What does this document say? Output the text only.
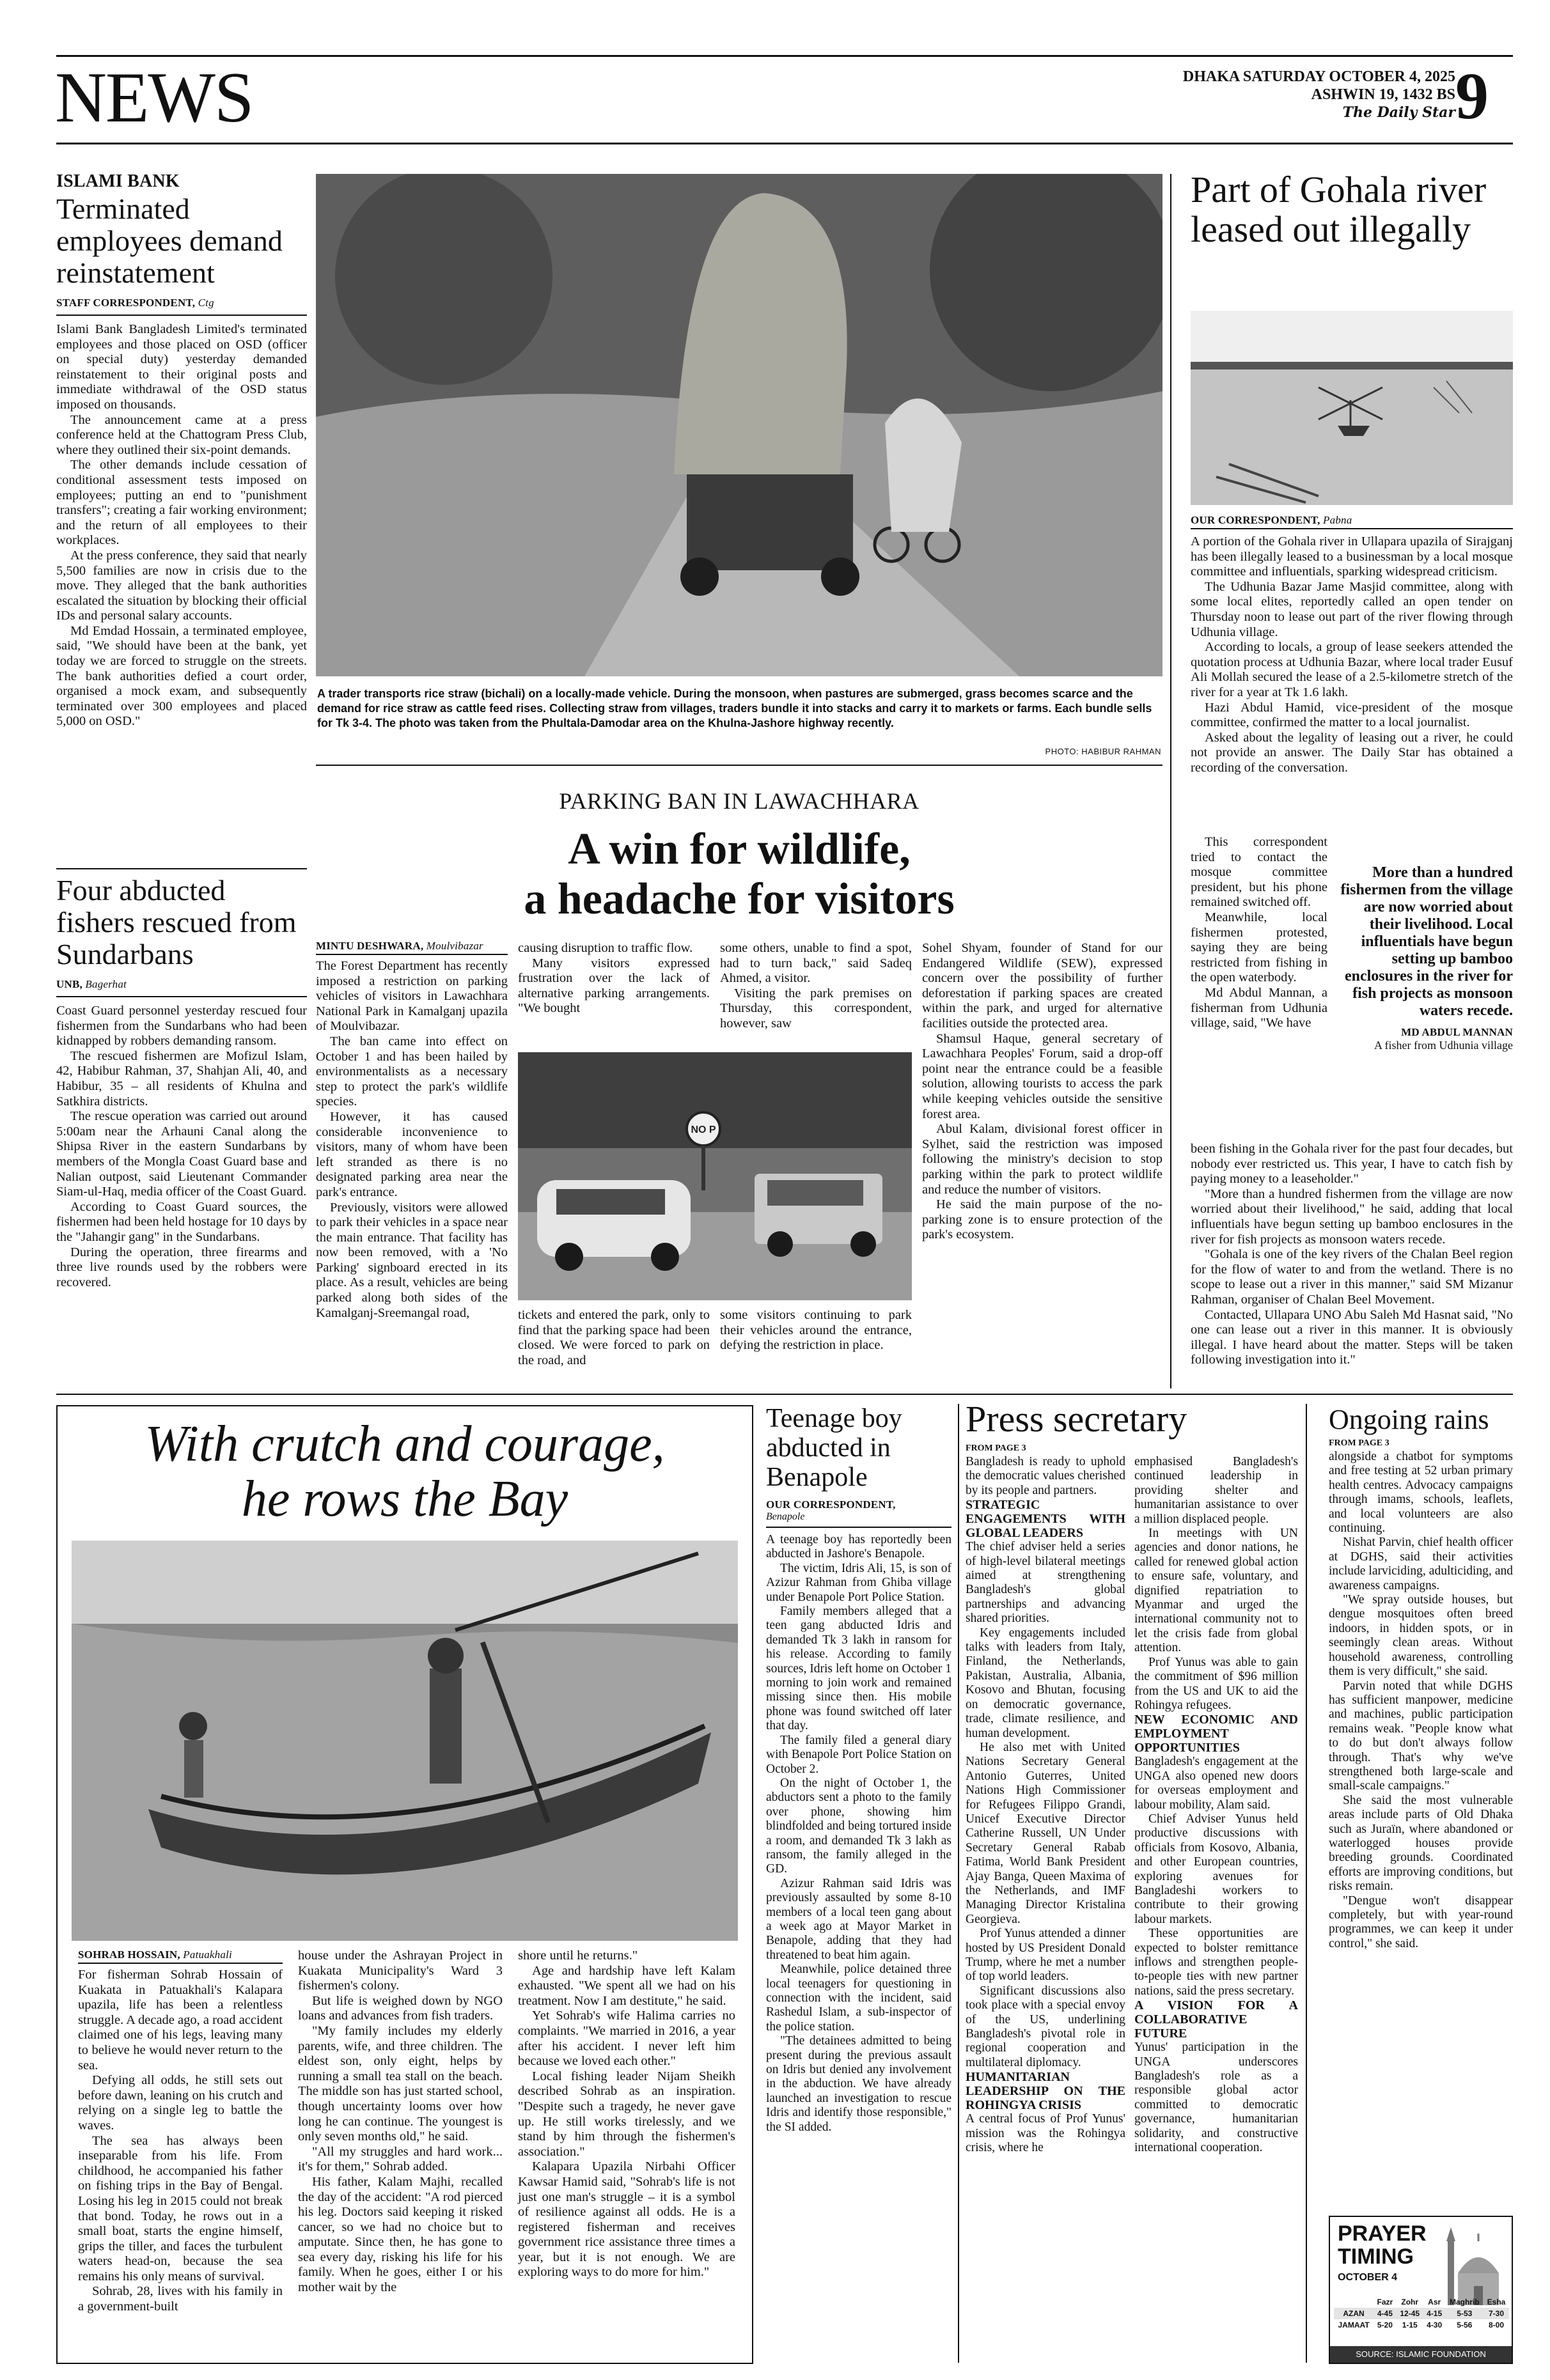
NEWS	DHAKA SATURDAY OCTOBER 4, 2025
ASHWIN 19, 1432 BS
The Daily Star 9
ISLAMI BANK
Terminated employees demand reinstatement
STAFF CORRESPONDENT, Ctg

Islami Bank Bangladesh Limited's terminated employees and those placed on OSD (officer on special duty) yesterday demanded reinstatement to their original posts and immediate withdrawal of the OSD status imposed on thousands.

The announcement came at a press conference held at the Chattogram Press Club, where they outlined their six-point demands.

The other demands include cessation of conditional assessment tests imposed on employees; putting an end to "punishment transfers"; creating a fair working environment; and the return of all employees to their workplaces.

At the press conference, they said that nearly 5,500 families are now in crisis due to the move. They alleged that the bank authorities escalated the situation by blocking their official IDs and personal salary accounts.

Md Emdad Hossain, a terminated employee, said, "We should have been at the bank, yet today we are forced to struggle on the streets. The bank authorities defied a court order, organised a mock exam, and subsequently terminated over 300 employees and placed 5,000 on OSD."

Four abducted fishers rescued from Sundarbans
UNB, Bagerhat

Coast Guard personnel yesterday rescued four fishermen from the Sundarbans who had been kidnapped by robbers demanding ransom.

The rescued fishermen are Mofizul Islam, 42, Habibur Rahman, 37, Shahjan Ali, 40, and Habibur, 35 – all residents of Khulna and Satkhira districts.

The rescue operation was carried out around 5:00am near the Arhauni Canal along the Shipsa River in the eastern Sundarbans by members of the Mongla Coast Guard base and Nalian outpost, said Lieutenant Commander Siam-ul-Haq, media officer of the Coast Guard.

According to Coast Guard sources, the fishermen had been held hostage for 10 days by the "Jahangir gang" in the Sundarbans.

During the operation, three firearms and three live rounds used by the robbers were recovered.

A trader transports rice straw (bichali) on a locally-made vehicle. During the monsoon, when pastures are submerged, grass becomes scarce and the demand for rice straw as cattle feed rises. Collecting straw from villages, traders bundle it into stacks and carry it to markets or farms. Each bundle sells for Tk 3-4. The photo was taken from the Phultala-Damodar area on the Khulna-Jashore highway recently.
PHOTO: HABIBUR RAHMAN
PARKING BAN IN LAWACHHARA
A win for wildlife,
a headache for visitors
MINTU DESHWARA, Moulvibazar

The Forest Department has recently imposed a restriction on parking vehicles of visitors in Lawachhara National Park in Kamalganj upazila of Moulvibazar.

The ban came into effect on October 1 and has been hailed by environmentalists as a necessary step to protect the park's wildlife species.

However, it has caused considerable inconvenience to visitors, many of whom have been left stranded as there is no designated parking area near the park's entrance.

Previously, visitors were allowed to park their vehicles in a space near the main entrance. That facility has now been removed, with a 'No Parking' signboard erected in its place. As a result, vehicles are being parked along both sides of the Kamalganj-Sreemangal road,

causing disruption to traffic flow.

Many visitors expressed frustration over the lack of alternative parking arrangements. "We bought

some others, unable to find a spot, had to turn back," said Sadeq Ahmed, a visitor.

Visiting the park premises on Thursday, this correspondent, however, saw

NO P

tickets and entered the park, only to find that the parking space had been closed. We were forced to park on the road, and

some visitors continuing to park their vehicles around the entrance, defying the restriction in place.

Sohel Shyam, founder of Stand for our Endangered Wildlife (SEW), expressed concern over the possibility of further deforestation if parking spaces are created within the park, and urged for alternative facilities outside the protected area.

Shamsul Haque, general secretary of Lawachhara Peoples' Forum, said a drop-off point near the entrance could be a feasible solution, allowing tourists to access the park while keeping vehicles outside the sensitive forest area.

Abul Kalam, divisional forest officer in Sylhet, said the restriction was imposed following the ministry's decision to stop parking within the park to protect wildlife and reduce the number of visitors.

He said the main purpose of the no-parking zone is to ensure protection of the park's ecosystem.

Part of Gohala river leased out illegally
OUR CORRESPONDENT, Pabna

A portion of the Gohala river in Ullapara upazila of Sirajganj has been illegally leased to a businessman by a local mosque committee and influentials, sparking widespread criticism.

The Udhunia Bazar Jame Masjid committee, along with some local elites, reportedly called an open tender on Thursday noon to lease out part of the river flowing through Udhunia village.

According to locals, a group of lease seekers attended the quotation process at Udhunia Bazar, where local trader Eusuf Ali Mollah secured the lease of a 2.5-kilometre stretch of the river for a year at Tk 1.6 lakh.

Hazi Abdul Hamid, vice-president of the mosque committee, confirmed the matter to a local journalist.

Asked about the legality of leasing out a river, he could not provide an answer. The Daily Star has obtained a recording of the conversation.

This correspondent tried to contact the mosque committee president, but his phone remained switched off.

Meanwhile, local fishermen protested, saying they are being restricted from fishing in the open waterbody.

Md Abdul Mannan, a fisherman from Udhunia village, said, "We have

More than a hundred fishermen from the village are now worried about their livelihood. Local influentials have begun setting up bamboo enclosures in the river for fish projects as monsoon waters recede.
MD ABDUL MANNAN
A fisher from Udhunia village

been fishing in the Gohala river for the past four decades, but nobody ever restricted us. This year, I have to catch fish by paying money to a leaseholder."

"More than a hundred fishermen from the village are now worried about their livelihood," he said, adding that local influentials have begun setting up bamboo enclosures in the river for fish projects as monsoon waters recede.

"Gohala is one of the key rivers of the Chalan Beel region for the flow of water to and from the wetland. There is no scope to lease out a river in this manner," said SM Mizanur Rahman, organiser of Chalan Beel Movement.

Contacted, Ullapara UNO Abu Saleh Md Hasnat said, "No one can lease out a river in this manner. It is obviously illegal. I have heard about the matter. Steps will be taken following investigation into it."

With crutch and courage,
he rows the Bay
SOHRAB HOSSAIN, Patuakhali

For fisherman Sohrab Hossain of Kuakata in Patuakhali's Kalapara upazila, life has been a relentless struggle. A decade ago, a road accident claimed one of his legs, leaving many to believe he would never return to the sea.

Defying all odds, he still sets out before dawn, leaning on his crutch and relying on a single leg to battle the waves.

The sea has always been inseparable from his life. From childhood, he accompanied his father on fishing trips in the Bay of Bengal. Losing his leg in 2015 could not break that bond. Today, he rows out in a small boat, starts the engine himself, grips the tiller, and faces the turbulent waters head-on, because the sea remains his only means of survival.

Sohrab, 28, lives with his family in a government-built

house under the Ashrayan Project in Kuakata Municipality's Ward 3 fishermen's colony.

But life is weighed down by NGO loans and advances from fish traders.

"My family includes my elderly parents, wife, and three children. The eldest son, only eight, helps by running a small tea stall on the beach. The middle son has just started school, though uncertainty looms over how long he can continue. The youngest is only seven months old," he said.

"All my struggles and hard work... it's for them," Sohrab added.

His father, Kalam Majhi, recalled the day of the accident: "A rod pierced his leg. Doctors said keeping it risked cancer, so we had no choice but to amputate. Since then, he has gone to sea every day, risking his life for his family. When he goes, either I or his mother wait by the

shore until he returns."

Age and hardship have left Kalam exhausted. "We spent all we had on his treatment. Now I am destitute," he said.

Yet Sohrab's wife Halima carries no complaints. "We married in 2016, a year after his accident. I never left him because we loved each other."

Local fishing leader Nijam Sheikh described Sohrab as an inspiration. "Despite such a tragedy, he never gave up. He still works tirelessly, and we stand by him through the fishermen's association."

Kalapara Upazila Nirbahi Officer Kawsar Hamid said, "Sohrab's life is not just one man's struggle – it is a symbol of resilience against all odds. He is a registered fisherman and receives government rice assistance three times a year, but it is not enough. We are exploring ways to do more for him."

Teenage boy abducted in Benapole
OUR CORRESPONDENT,
Benapole

A teenage boy has reportedly been abducted in Jashore's Benapole.

The victim, Idris Ali, 15, is son of Azizur Rahman from Ghiba village under Benapole Port Police Station.

Family members alleged that a teen gang abducted Idris and demanded Tk 3 lakh in ransom for his release. According to family sources, Idris left home on October 1 morning to join work and remained missing since then. His mobile phone was found switched off later that day.

The family filed a general diary with Benapole Port Police Station on October 2.

On the night of October 1, the abductors sent a photo to the family over phone, showing him blindfolded and being tortured inside a room, and demanded Tk 3 lakh as ransom, the family alleged in the GD.

Azizur Rahman said Idris was previously assaulted by some 8-10 members of a local teen gang about a week ago at Mayor Market in Benapole, adding that they had threatened to beat him again.

Meanwhile, police detained three local teenagers for questioning in connection with the incident, said Rashedul Islam, a sub-inspector of the police station.

"The detainees admitted to being present during the previous assault on Idris but denied any involvement in the abduction. We have already launched an investigation to rescue Idris and identify those responsible," the SI added.

Press secretary
FROM PAGE 3

Bangladesh is ready to uphold the democratic values cherished by its people and partners.

STRATEGIC ENGAGEMENTS WITH GLOBAL LEADERS

The chief adviser held a series of high-level bilateral meetings aimed at strengthening Bangladesh's global partnerships and advancing shared priorities.

Key engagements included talks with leaders from Italy, Finland, the Netherlands, Pakistan, Australia, Albania, Kosovo and Bhutan, focusing on democratic governance, trade, climate resilience, and human development.

He also met with United Nations Secretary General Antonio Guterres, United Nations High Commissioner for Refugees Filippo Grandi, Unicef Executive Director Catherine Russell, UN Under Secretary General Rabab Fatima, World Bank President Ajay Banga, Queen Maxima of the Netherlands, and IMF Managing Director Kristalina Georgieva.

Prof Yunus attended a dinner hosted by US President Donald Trump, where he met a number of top world leaders.

Significant discussions also took place with a special envoy of the US, underlining Bangladesh's pivotal role in regional cooperation and multilateral diplomacy.

HUMANITARIAN LEADERSHIP ON THE ROHINGYA CRISIS

A central focus of Prof Yunus' mission was the Rohingya crisis, where he

emphasised Bangladesh's continued leadership in providing shelter and humanitarian assistance to over a million displaced people.

In meetings with UN agencies and donor nations, he called for renewed global action to ensure safe, voluntary, and dignified repatriation to Myanmar and urged the international community not to let the crisis fade from global attention.

Prof Yunus was able to gain the commitment of $96 million from the US and UK to aid the Rohingya refugees.

NEW ECONOMIC AND EMPLOYMENT OPPORTUNITIES

Bangladesh's engagement at the UNGA also opened new doors for overseas employment and labour mobility, Alam said.

Chief Adviser Yunus held productive discussions with officials from Kosovo, Albania, and other European countries, exploring avenues for Bangladeshi workers to contribute to their growing labour markets.

These opportunities are expected to bolster remittance inflows and strengthen people-to-people ties with new partner nations, said the press secretary.

A VISION FOR A COLLABORATIVE FUTURE

Yunus' participation in the UNGA underscores Bangladesh's role as a responsible global actor committed to democratic governance, humanitarian solidarity, and constructive international cooperation.

Ongoing rains
FROM PAGE 3

alongside a chatbot for symptoms and free testing at 52 urban primary health centres. Advocacy campaigns through imams, schools, leaflets, and local volunteers are also continuing.

Nishat Parvin, chief health officer at DGHS, said their activities include larviciding, adulticiding, and awareness campaigns.

"We spray outside houses, but dengue mosquitoes often breed indoors, in hidden spots, or in seemingly clean areas. Without household awareness, controlling them is very difficult," she said.

Parvin noted that while DGHS has sufficient manpower, medicine and machines, public participation remains weak. "People know what to do but don't always follow through. That's why we've strengthened both large-scale and small-scale campaigns."

She said the most vulnerable areas include parts of Old Dhaka such as Juraïn, where abandoned or waterlogged houses provide breeding grounds. Coordinated efforts are improving conditions, but risks remain.

"Dengue won't disappear completely, but with year-round programmes, we can keep it under control," she said.

PRAYER
TIMING
OCTOBER 4
	Fazr	Zohr	Asr	Maghrib	Esha
AZAN	4-45	12-45	4-15	5-53	7-30
JAMAAT	5-20	1-15	4-30	5-56	8-00
SOURCE: ISLAMIC FOUNDATION
